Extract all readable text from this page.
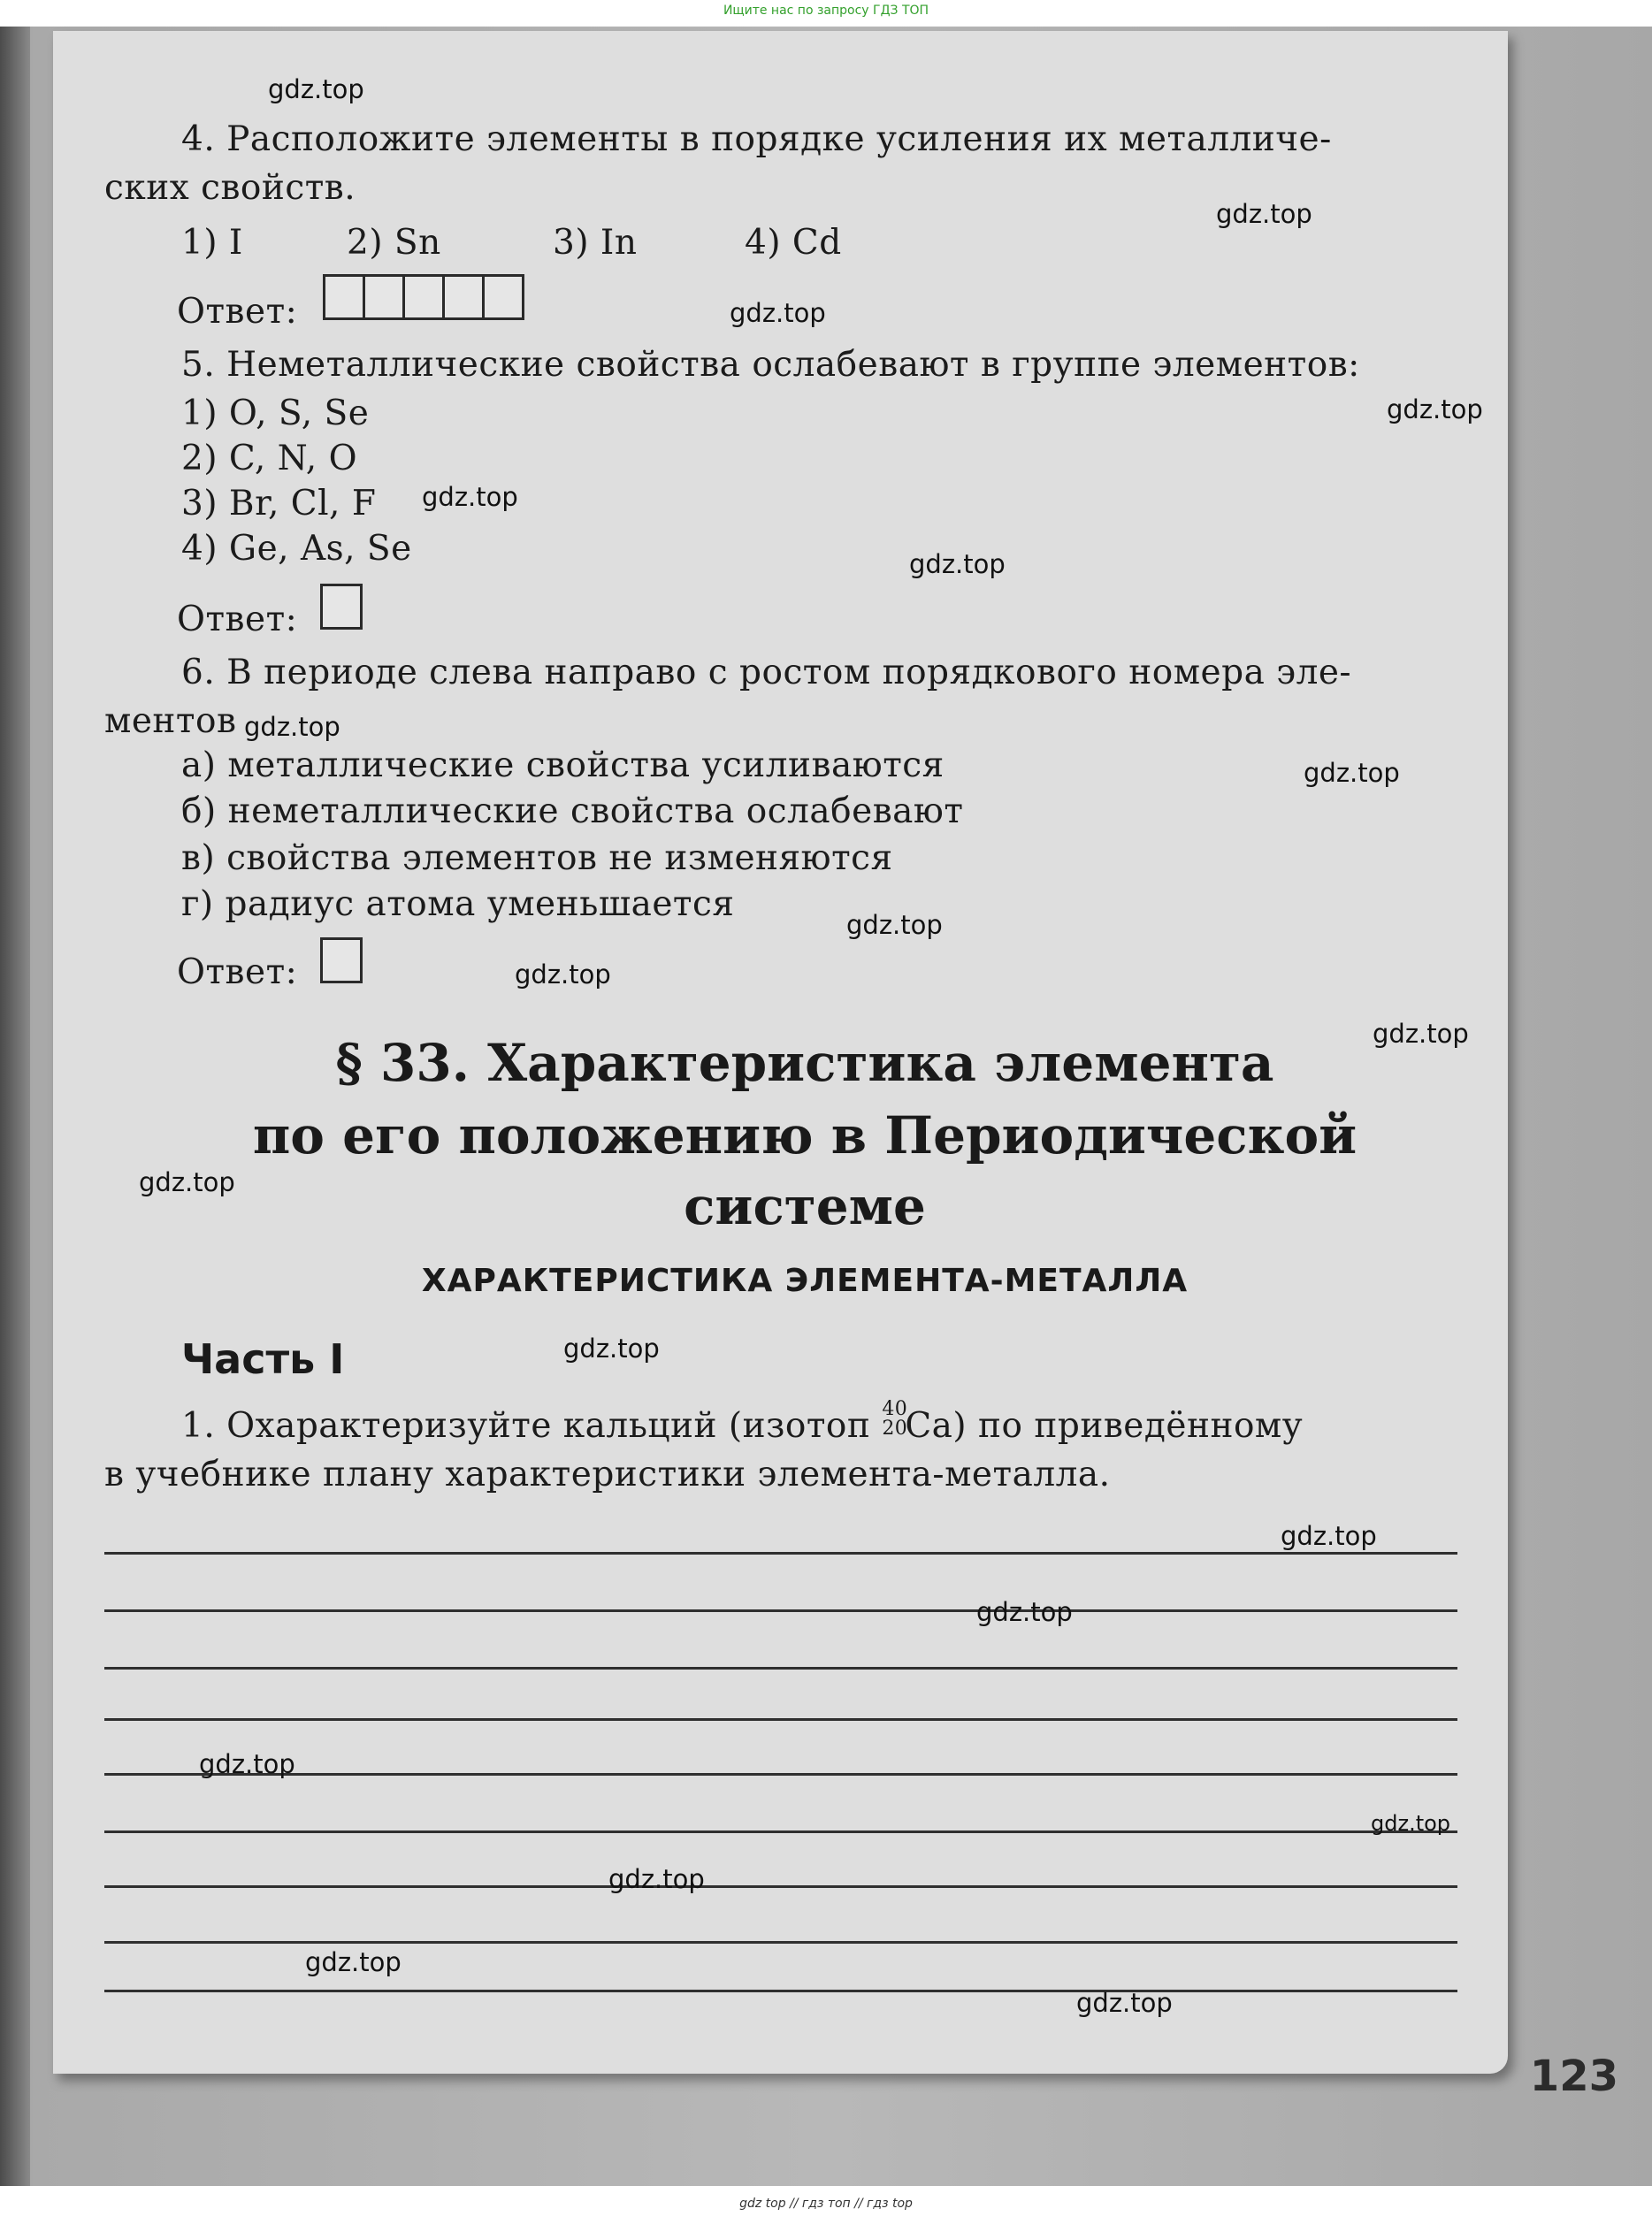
Ищите нас по запросу ГДЗ ТОП
4. Расположите элементы в порядке усиления их металличе-
ских свойств.
1) I	2) Sn	3) In	4) Cd
Ответ:
5. Неметаллические свойства ослабевают в группе элементов:
1) O, S, Se
2) C, N, O
3) Br, Cl, F
4) Ge, As, Se
Ответ:
6. В периоде слева направо с ростом порядкового номера эле-
ментов
а) металлические свойства усиливаются
б) неметаллические свойства ослабевают
в) свойства элементов не изменяются
г) радиус атома уменьшается
Ответ:
§ 33. Характеристика элемента
по его положению в Периодической
системе
ХАРАКТЕРИСТИКА ЭЛЕМЕНТА-МЕТАЛЛА
Часть I
1. Охарактеризуйте кальций (изотоп 40
20
Ca) по приведённому
в учебнике плану характеристики элемента-металла.
123
gdz.top
gdz.top
gdz.top
gdz.top
gdz.top
gdz.top
gdz.top
gdz.top
gdz.top
gdz.top
gdz.top
gdz.top
gdz.top
gdz.top
gdz.top
gdz.top
gdz.top
gdz.top
gdz.top
gdz.top
gdz top // гдз топ // гдз top
